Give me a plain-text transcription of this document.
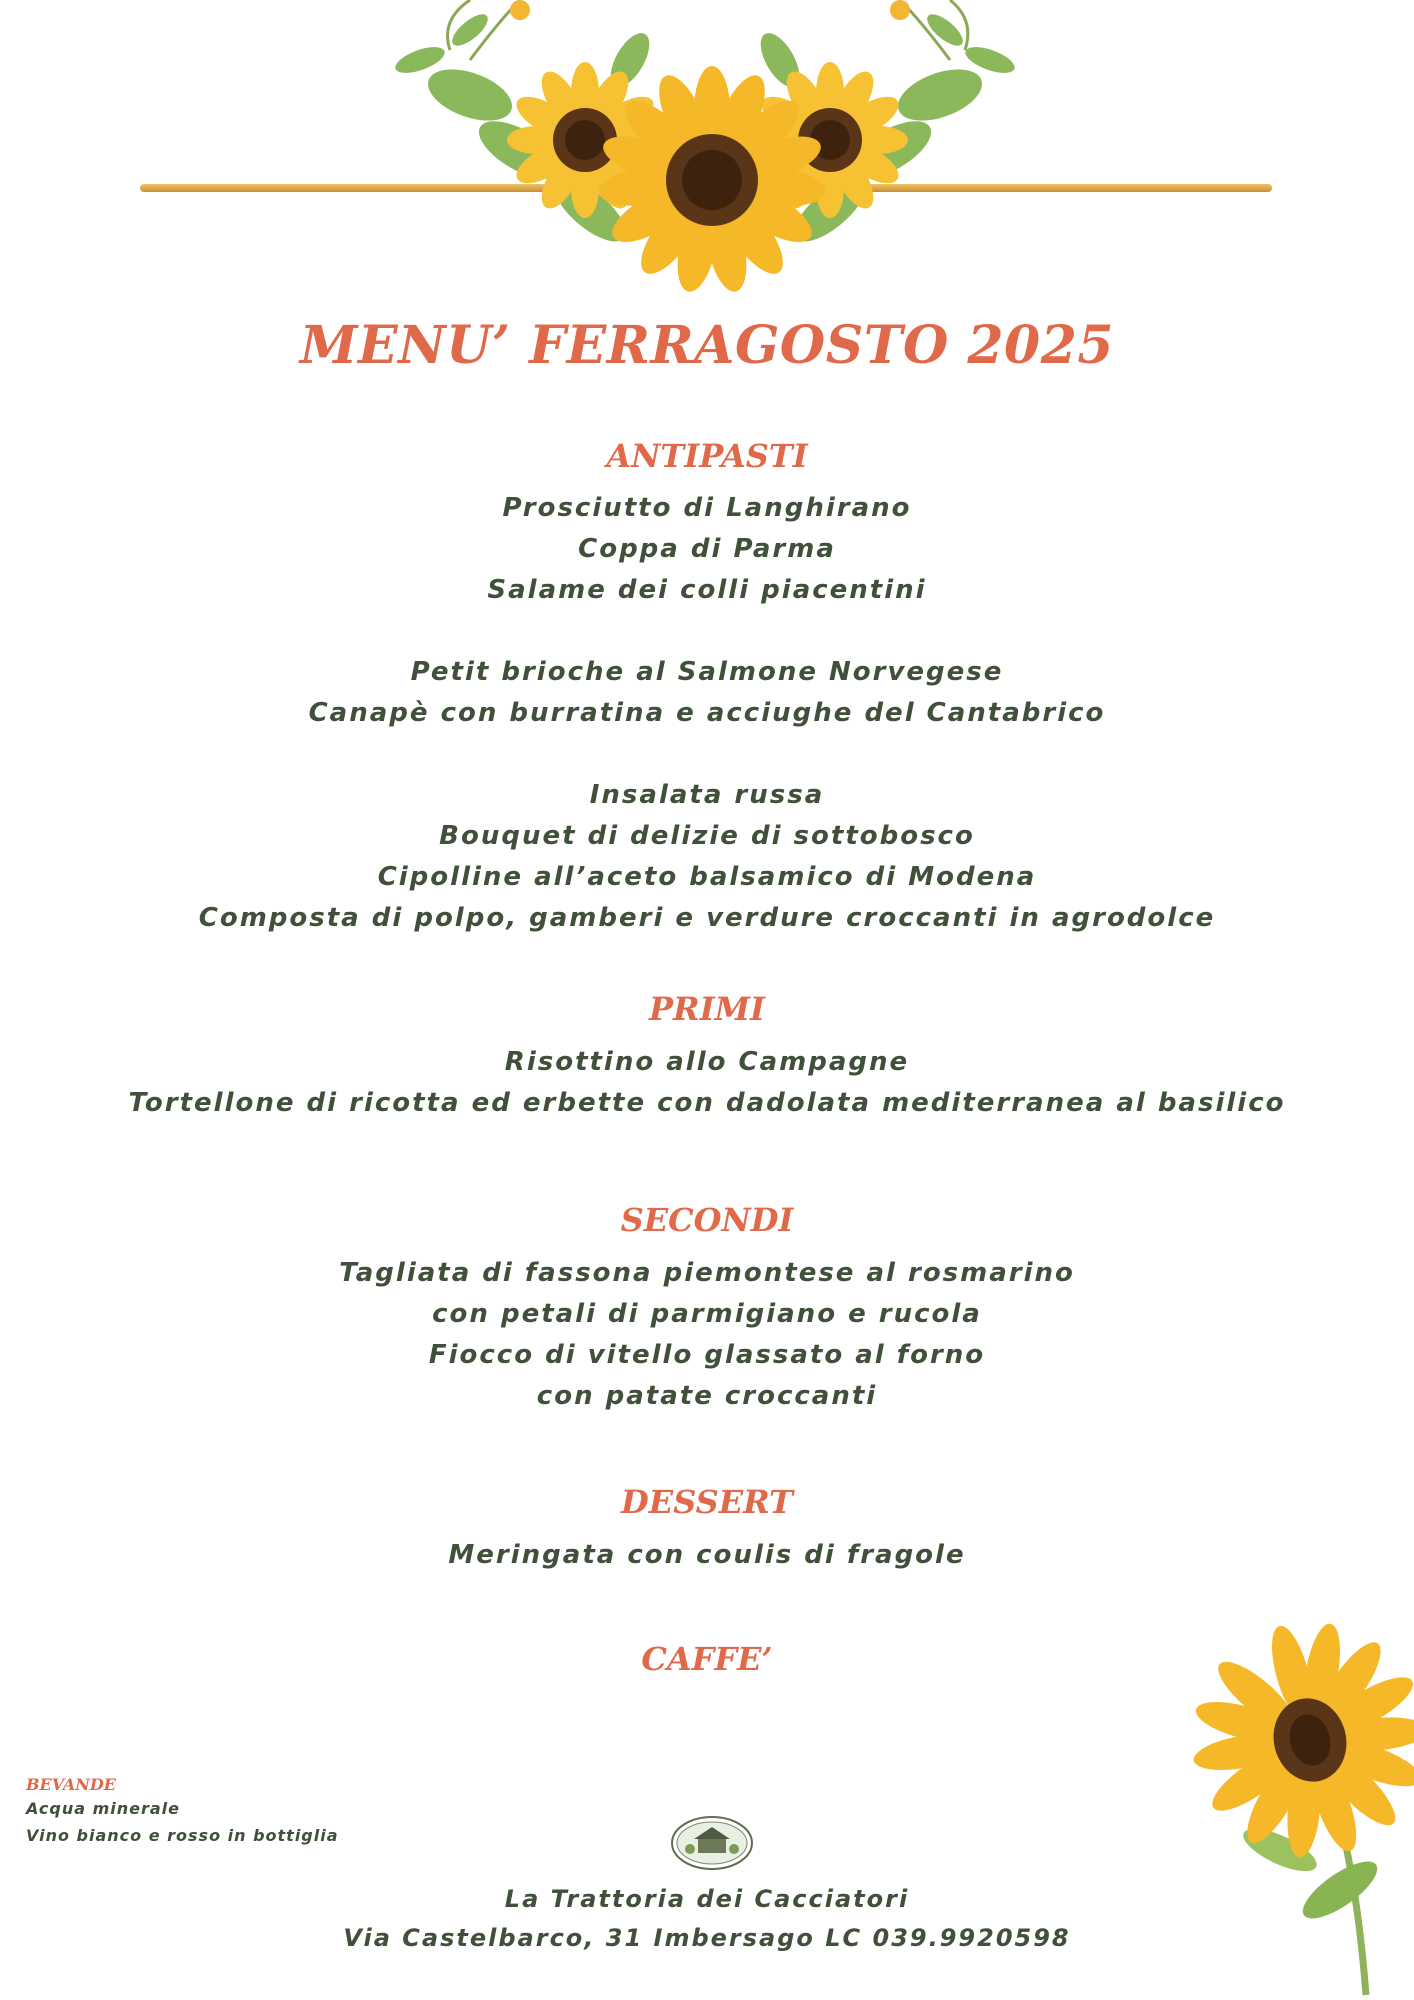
MENU’ FERRAGOSTO 2025
ANTIPASTI

Prosciutto di Langhirano

Coppa di Parma

Salame dei colli piacentini

Petit brioche al Salmone Norvegese

Canapè con burratina e acciughe del Cantabrico

Insalata russa

Bouquet di delizie di sottobosco

Cipolline all’aceto balsamico di Modena

Composta di polpo, gamberi e verdure croccanti in agrodolce

PRIMI

Risottino allo Campagne

Tortellone di ricotta ed erbette con dadolata mediterranea al basilico

SECONDI

Tagliata di fassona piemontese al rosmarino

con petali di parmigiano e rucola

Fiocco di vitello glassato al forno

con patate croccanti

DESSERT

Meringata con coulis di fragole

CAFFE’

BEVANDE

Acqua minerale

Vino bianco e rosso in bottiglia

La Trattoria dei Cacciatori

Via Castelbarco, 31 Imbersago LC 039.9920598
